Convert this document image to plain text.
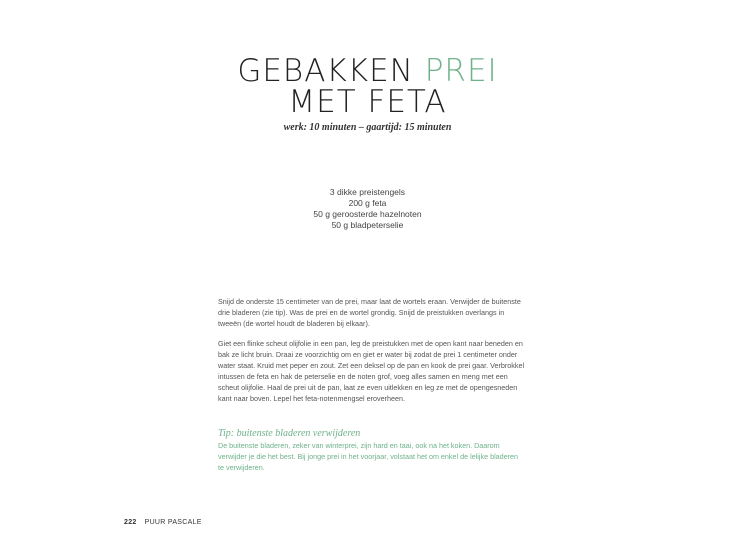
GEBAKKEN PREI
MET FETA
werk: 10 minuten – gaartijd: 15 minuten
3 dikke preistengels
200 g feta
50 g geroosterde hazelnoten
50 g bladpeterselie

Snijd de onderste 15 centimeter van de prei, maar laat de wortels eraan. Verwijder de buitenste drie bladeren (zie tip). Was de prei en de wortel grondig. Snijd de preistukken overlangs in tweeën (de wortel houdt de bladeren bij elkaar).

Giet een flinke scheut olijfolie in een pan, leg de preistukken met de open kant naar beneden en bak ze licht bruin. Draai ze voorzichtig om en giet er water bij zodat de prei 1 centimeter onder water staat. Kruid met peper en zout. Zet een deksel op de pan en kook de prei gaar. Verbrokkel intussen de feta en hak de peterselie en de noten grof, voeg alles samen en meng met een scheut olijfolie. Haal de prei uit de pan, laat ze even uitlekken en leg ze met de opengesneden kant naar boven. Lepel het feta-notenmengsel eroverheen.

Tip: buitenste bladeren verwijderen
De buitenste bladeren, zeker van winterprei, zijn hard en taai, ook na het koken. Daarom verwijder je die het best. Bij jonge prei in het voorjaar, volstaat het om enkel de lelijke bladeren te verwijderen.
222 PUUR PASCALE
